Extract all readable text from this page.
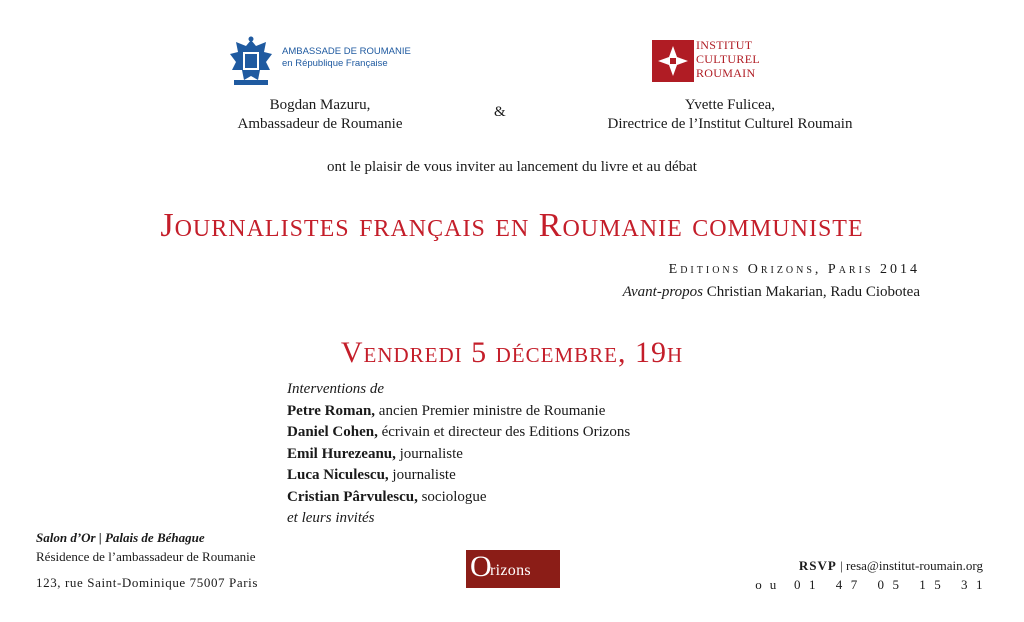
AMBASSADE DE ROUMANIE
en République Française
INSTITUT
CULTUREL
ROUMAIN
Bogdan Mazuru,
Ambassadeur de Roumanie
&	Yvette Fulicea,
Directrice de l’Institut Culturel Roumain
ont le plaisir de vous inviter au lancement du livre et au débat
Journalistes français en Roumanie communiste
Editions Orizons, Paris 2014
Avant-propos Christian Makarian, Radu Ciobotea
Vendredi 5 décembre, 19h
Interventions de
Petre Roman, ancien Premier ministre de Roumanie
Daniel Cohen, écrivain et directeur des Editions Orizons
Emil Hurezeanu, journaliste
Luca Niculescu, journaliste
Cristian Pârvulescu, sociologue
et leurs invités
Salon d’Or | Palais de Béhague
Résidence de l’ambassadeur de Roumanie
123, rue Saint-Dominique 75007 Paris	O
rizons	RSVP | resa@institut-roumain.org
ou 01 47 05 15 31
